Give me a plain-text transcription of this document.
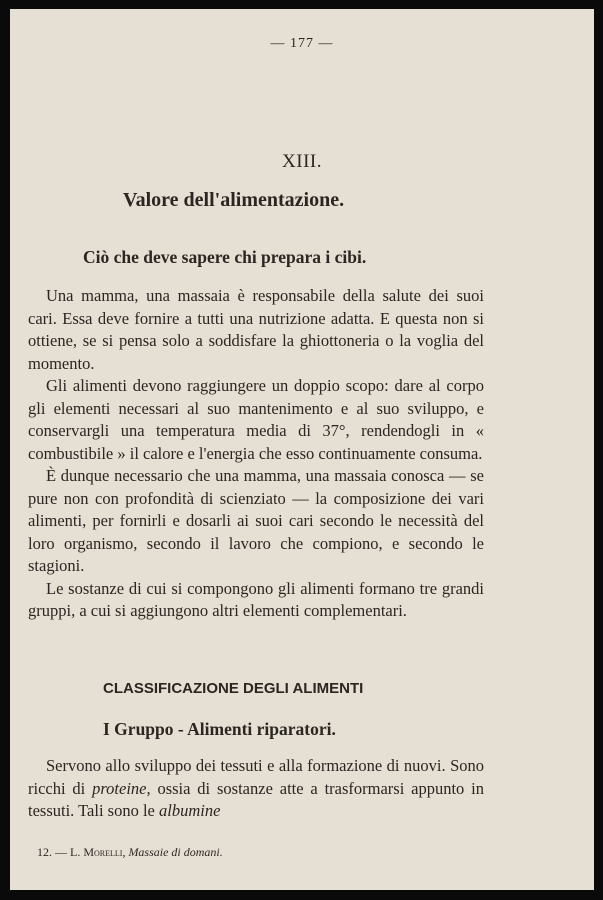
— 177 —
XIII.
Valore dell'alimentazione.
Ciò che deve sapere chi prepara i cibi.

Una mamma, una massaia è responsabile della salute dei suoi cari. Essa deve fornire a tutti una nutrizione adatta. E questa non si ottiene, se si pensa solo a soddisfare la ghiottoneria o la voglia del momento.

Gli alimenti devono raggiungere un doppio scopo: dare al corpo gli elementi necessari al suo mantenimento e al suo sviluppo, e conservargli una temperatura media di 37°, rendendogli in « combustibile » il calore e l'energia che esso continuamente consuma.

È dunque necessario che una mamma, una massaia conosca — se pure non con profondità di scienziato — la composizione dei vari alimenti, per fornirli e dosarli ai suoi cari secondo le necessità del loro organismo, secondo il lavoro che compiono, e secondo le stagioni.

Le sostanze di cui si compongono gli alimenti formano tre grandi gruppi, a cui si aggiungono altri elementi complementari.

CLASSIFICAZIONE DEGLI ALIMENTI
I Gruppo - Alimenti riparatori.

Servono allo sviluppo dei tessuti e alla formazione di nuovi. Sono ricchi di proteine, ossia di sostanze atte a trasformarsi appunto in tessuti. Tali sono le albumine

12. — L. Morelli, Massaie di domani.
